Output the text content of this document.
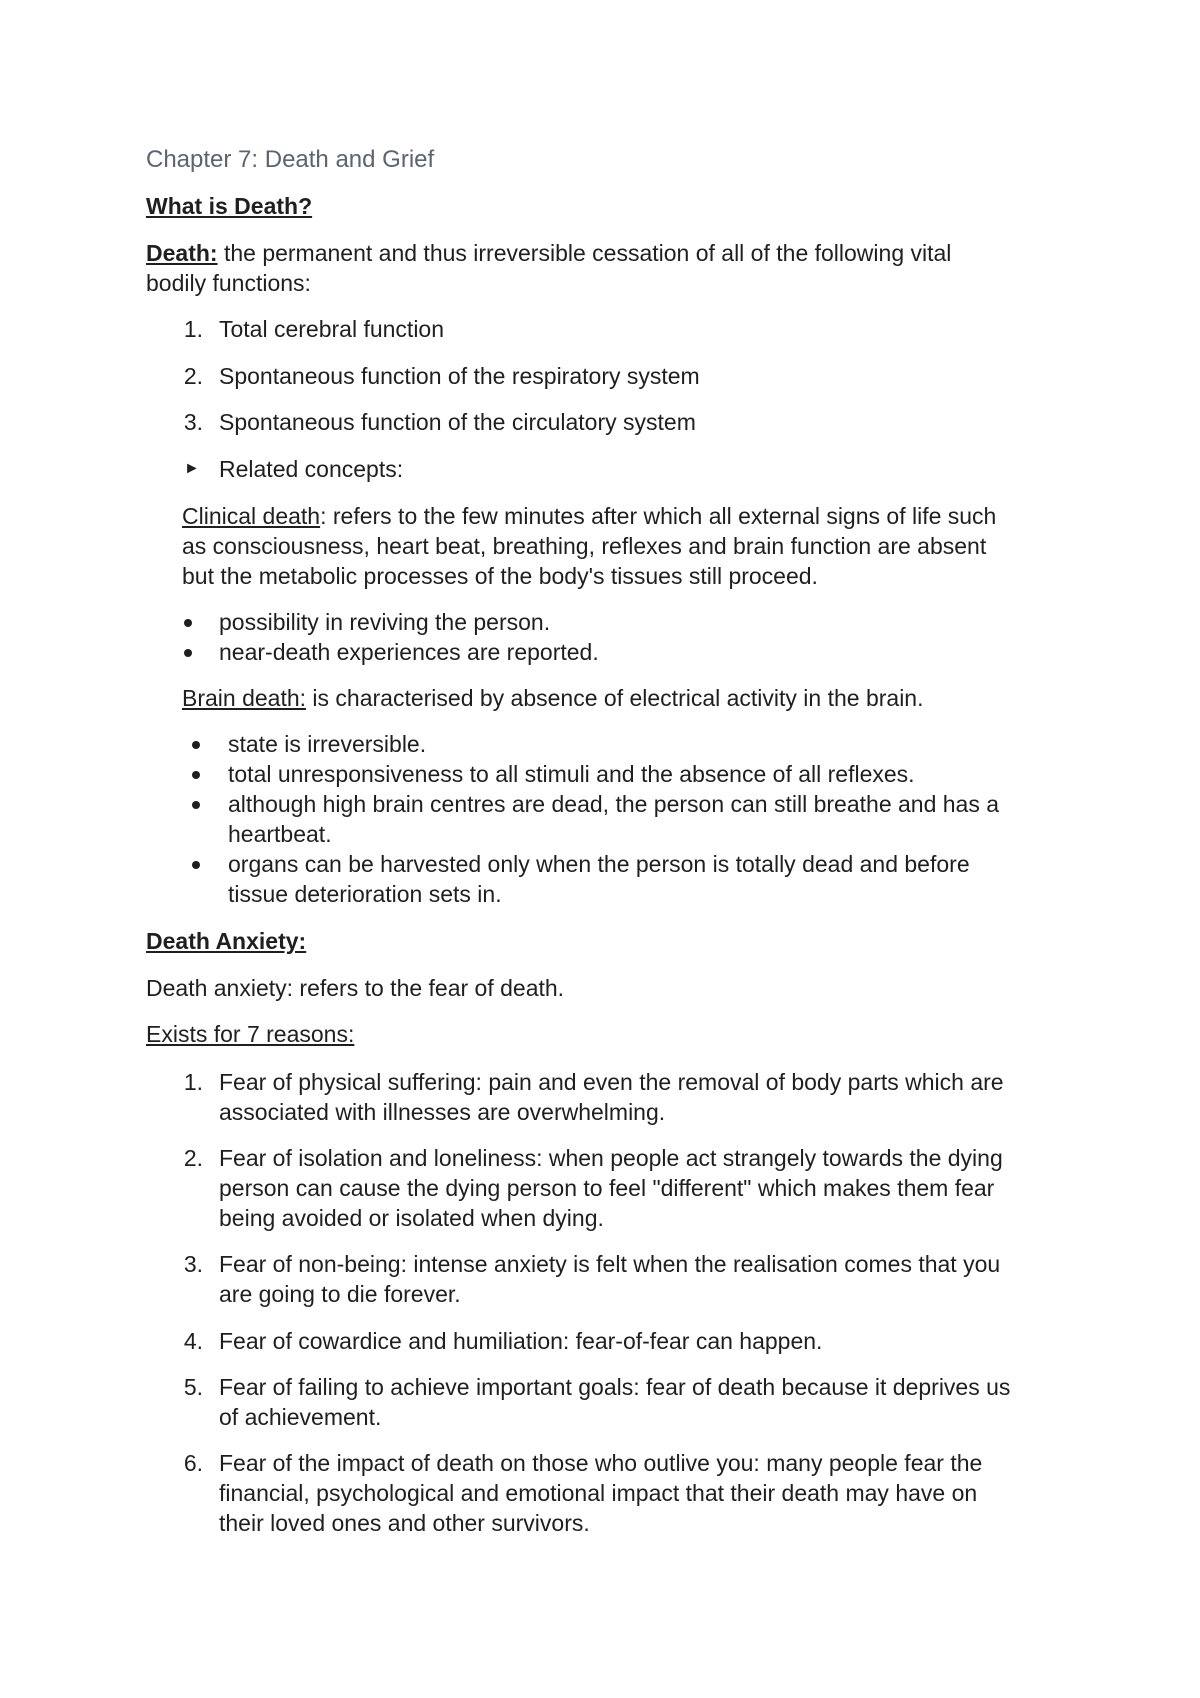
Chapter 7: Death and Grief
What is Death?
Death: the permanent and thus irreversible cessation of all of the following vital
bodily functions:
1. Total cerebral function
2. Spontaneous function of the respiratory system
3. Spontaneous function of the circulatory system
► Related concepts:
Clinical death: refers to the few minutes after which all external signs of life such
as consciousness, heart beat, breathing, reflexes and brain function are absent
but the metabolic processes of the body's tissues still proceed.
possibility in reviving the person.
near-death experiences are reported.
Brain death: is characterised by absence of electrical activity in the brain.
state is irreversible.
total unresponsiveness to all stimuli and the absence of all reflexes.
although high brain centres are dead, the person can still breathe and has a
heartbeat.
organs can be harvested only when the person is totally dead and before
tissue deterioration sets in.
Death Anxiety:
Death anxiety: refers to the fear of death.
Exists for 7 reasons:
1. Fear of physical suffering: pain and even the removal of body parts which are
associated with illnesses are overwhelming.
2. Fear of isolation and loneliness: when people act strangely towards the dying
person can cause the dying person to feel "different" which makes them fear
being avoided or isolated when dying.
3. Fear of non-being: intense anxiety is felt when the realisation comes that you
are going to die forever.
4. Fear of cowardice and humiliation: fear-of-fear can happen.
5. Fear of failing to achieve important goals: fear of death because it deprives us
of achievement.
6. Fear of the impact of death on those who outlive you: many people fear the
financial, psychological and emotional impact that their death may have on
their loved ones and other survivors.
